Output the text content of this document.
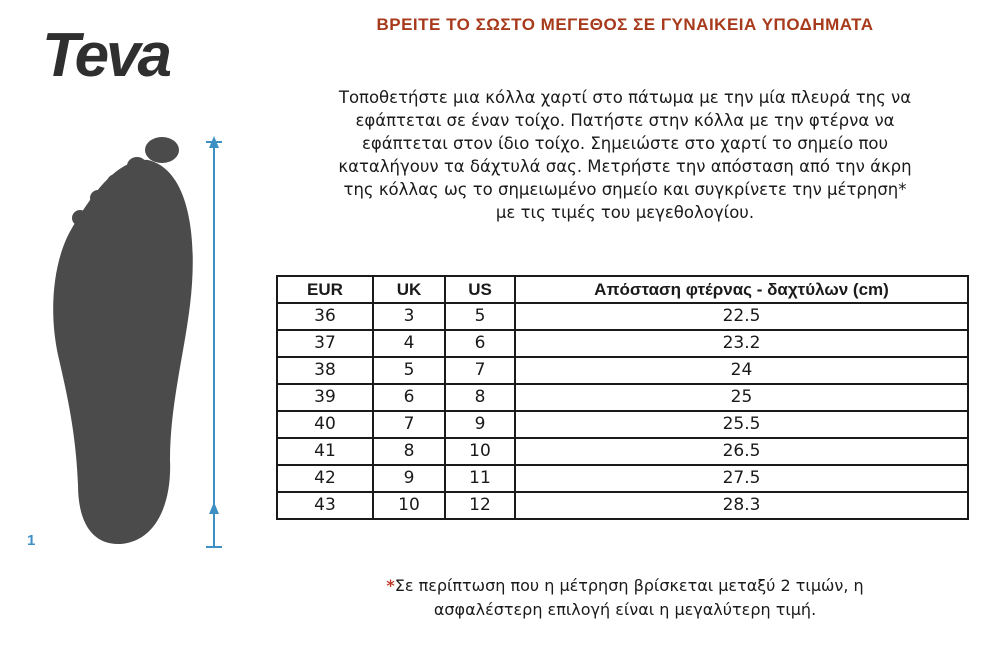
Teva
1
ΒΡΕΙΤΕ ΤΟ ΣΩΣΤΟ ΜΕΓΕΘΟΣ ΣΕ ΓΥΝΑΙΚΕΙΑ ΥΠΟΔΗΜΑΤΑ
Τοποθετήστε μια κόλλα χαρτί στο πάτωμα με την μία πλευρά της να
εφάπτεται σε έναν τοίχο. Πατήστε στην κόλλα με την φτέρνα να
εφάπτεται στον ίδιο τοίχο. Σημειώστε στο χαρτί το σημείο που
καταλήγουν τα δάχτυλά σας. Μετρήστε την απόσταση από την άκρη
της κόλλας ως το σημειωμένο σημείο και συγκρίνετε την μέτρηση*
με τις τιμές του μεγεθολογίου.
EUR	UK	US	Απόσταση φτέρνας - δαχτύλων (cm)
36	3	5	22.5
37	4	6	23.2
38	5	7	24
39	6	8	25
40	7	9	25.5
41	8	10	26.5
42	9	11	27.5
43	10	12	28.3
*Σε περίπτωση που η μέτρηση βρίσκεται μεταξύ 2 τιμών, η
ασφαλέστερη επιλογή είναι η μεγαλύτερη τιμή.
